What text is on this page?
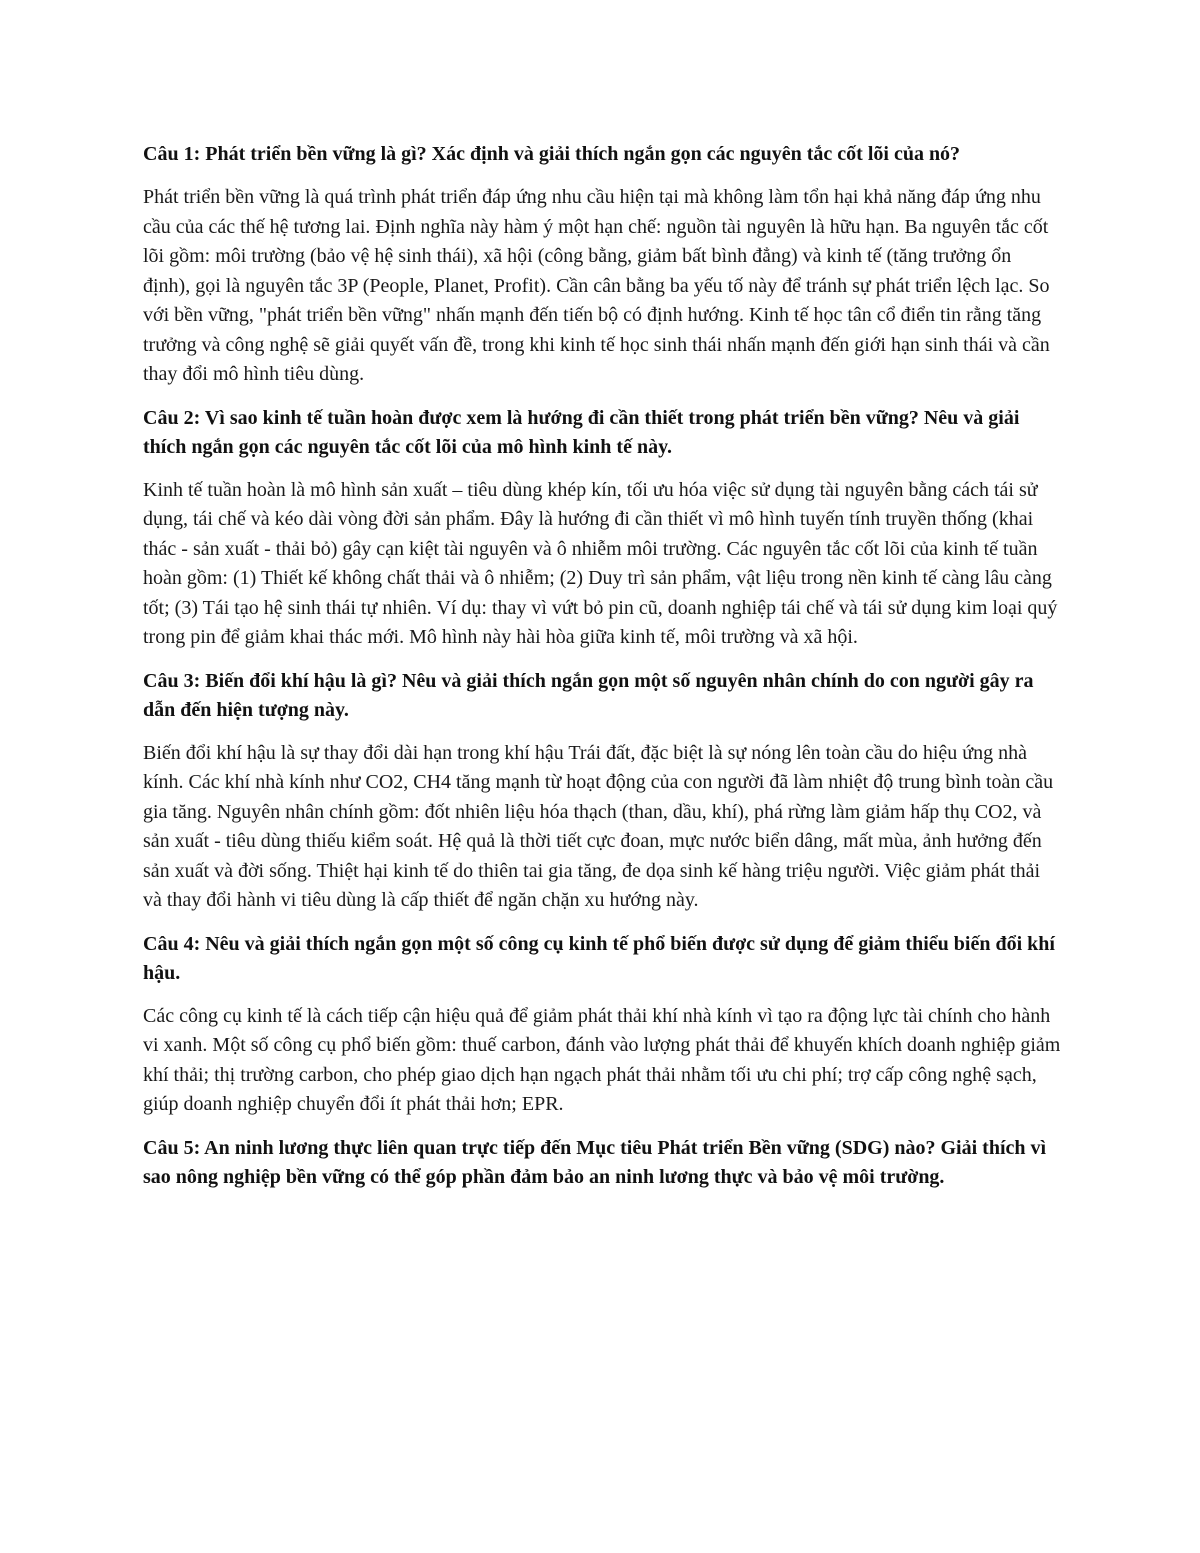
Câu 1: Phát triển bền vững là gì? Xác định và giải thích ngắn gọn các nguyên tắc cốt lõi của nó?

Phát triển bền vững là quá trình phát triển đáp ứng nhu cầu hiện tại mà không làm tổn hại khả năng đáp ứng nhu cầu của các thế hệ tương lai. Định nghĩa này hàm ý một hạn chế: nguồn tài nguyên là hữu hạn. Ba nguyên tắc cốt lõi gồm: môi trường (bảo vệ hệ sinh thái), xã hội (công bằng, giảm bất bình đẳng) và kinh tế (tăng trưởng ổn định), gọi là nguyên tắc 3P (People, Planet, Profit). Cần cân bằng ba yếu tố này để tránh sự phát triển lệch lạc. So với bền vững, "phát triển bền vững" nhấn mạnh đến tiến bộ có định hướng. Kinh tế học tân cổ điển tin rằng tăng trưởng và công nghệ sẽ giải quyết vấn đề, trong khi kinh tế học sinh thái nhấn mạnh đến giới hạn sinh thái và cần thay đổi mô hình tiêu dùng.

Câu 2: Vì sao kinh tế tuần hoàn được xem là hướng đi cần thiết trong phát triển bền vững? Nêu và giải thích ngắn gọn các nguyên tắc cốt lõi của mô hình kinh tế này.

Kinh tế tuần hoàn là mô hình sản xuất – tiêu dùng khép kín, tối ưu hóa việc sử dụng tài nguyên bằng cách tái sử dụng, tái chế và kéo dài vòng đời sản phẩm. Đây là hướng đi cần thiết vì mô hình tuyến tính truyền thống (khai thác - sản xuất - thải bỏ) gây cạn kiệt tài nguyên và ô nhiễm môi trường. Các nguyên tắc cốt lõi của kinh tế tuần hoàn gồm: (1) Thiết kế không chất thải và ô nhiễm; (2) Duy trì sản phẩm, vật liệu trong nền kinh tế càng lâu càng tốt; (3) Tái tạo hệ sinh thái tự nhiên. Ví dụ: thay vì vứt bỏ pin cũ, doanh nghiệp tái chế và tái sử dụng kim loại quý trong pin để giảm khai thác mới. Mô hình này hài hòa giữa kinh tế, môi trường và xã hội.

Câu 3: Biến đổi khí hậu là gì? Nêu và giải thích ngắn gọn một số nguyên nhân chính do con người gây ra dẫn đến hiện tượng này.

Biến đổi khí hậu là sự thay đổi dài hạn trong khí hậu Trái đất, đặc biệt là sự nóng lên toàn cầu do hiệu ứng nhà kính. Các khí nhà kính như CO2, CH4 tăng mạnh từ hoạt động của con người đã làm nhiệt độ trung bình toàn cầu gia tăng. Nguyên nhân chính gồm: đốt nhiên liệu hóa thạch (than, dầu, khí), phá rừng làm giảm hấp thụ CO2, và sản xuất - tiêu dùng thiếu kiểm soát. Hệ quả là thời tiết cực đoan, mực nước biển dâng, mất mùa, ảnh hưởng đến sản xuất và đời sống. Thiệt hại kinh tế do thiên tai gia tăng, đe dọa sinh kế hàng triệu người. Việc giảm phát thải và thay đổi hành vi tiêu dùng là cấp thiết để ngăn chặn xu hướng này.

Câu 4: Nêu và giải thích ngắn gọn một số công cụ kinh tế phổ biến được sử dụng để giảm thiểu biến đổi khí hậu.

Các công cụ kinh tế là cách tiếp cận hiệu quả để giảm phát thải khí nhà kính vì tạo ra động lực tài chính cho hành vi xanh. Một số công cụ phổ biến gồm: thuế carbon, đánh vào lượng phát thải để khuyến khích doanh nghiệp giảm khí thải; thị trường carbon, cho phép giao dịch hạn ngạch phát thải nhằm tối ưu chi phí; trợ cấp công nghệ sạch, giúp doanh nghiệp chuyển đổi ít phát thải hơn; EPR.

Câu 5: An ninh lương thực liên quan trực tiếp đến Mục tiêu Phát triển Bền vững (SDG) nào? Giải thích vì sao nông nghiệp bền vững có thể góp phần đảm bảo an ninh lương thực và bảo vệ môi trường.
